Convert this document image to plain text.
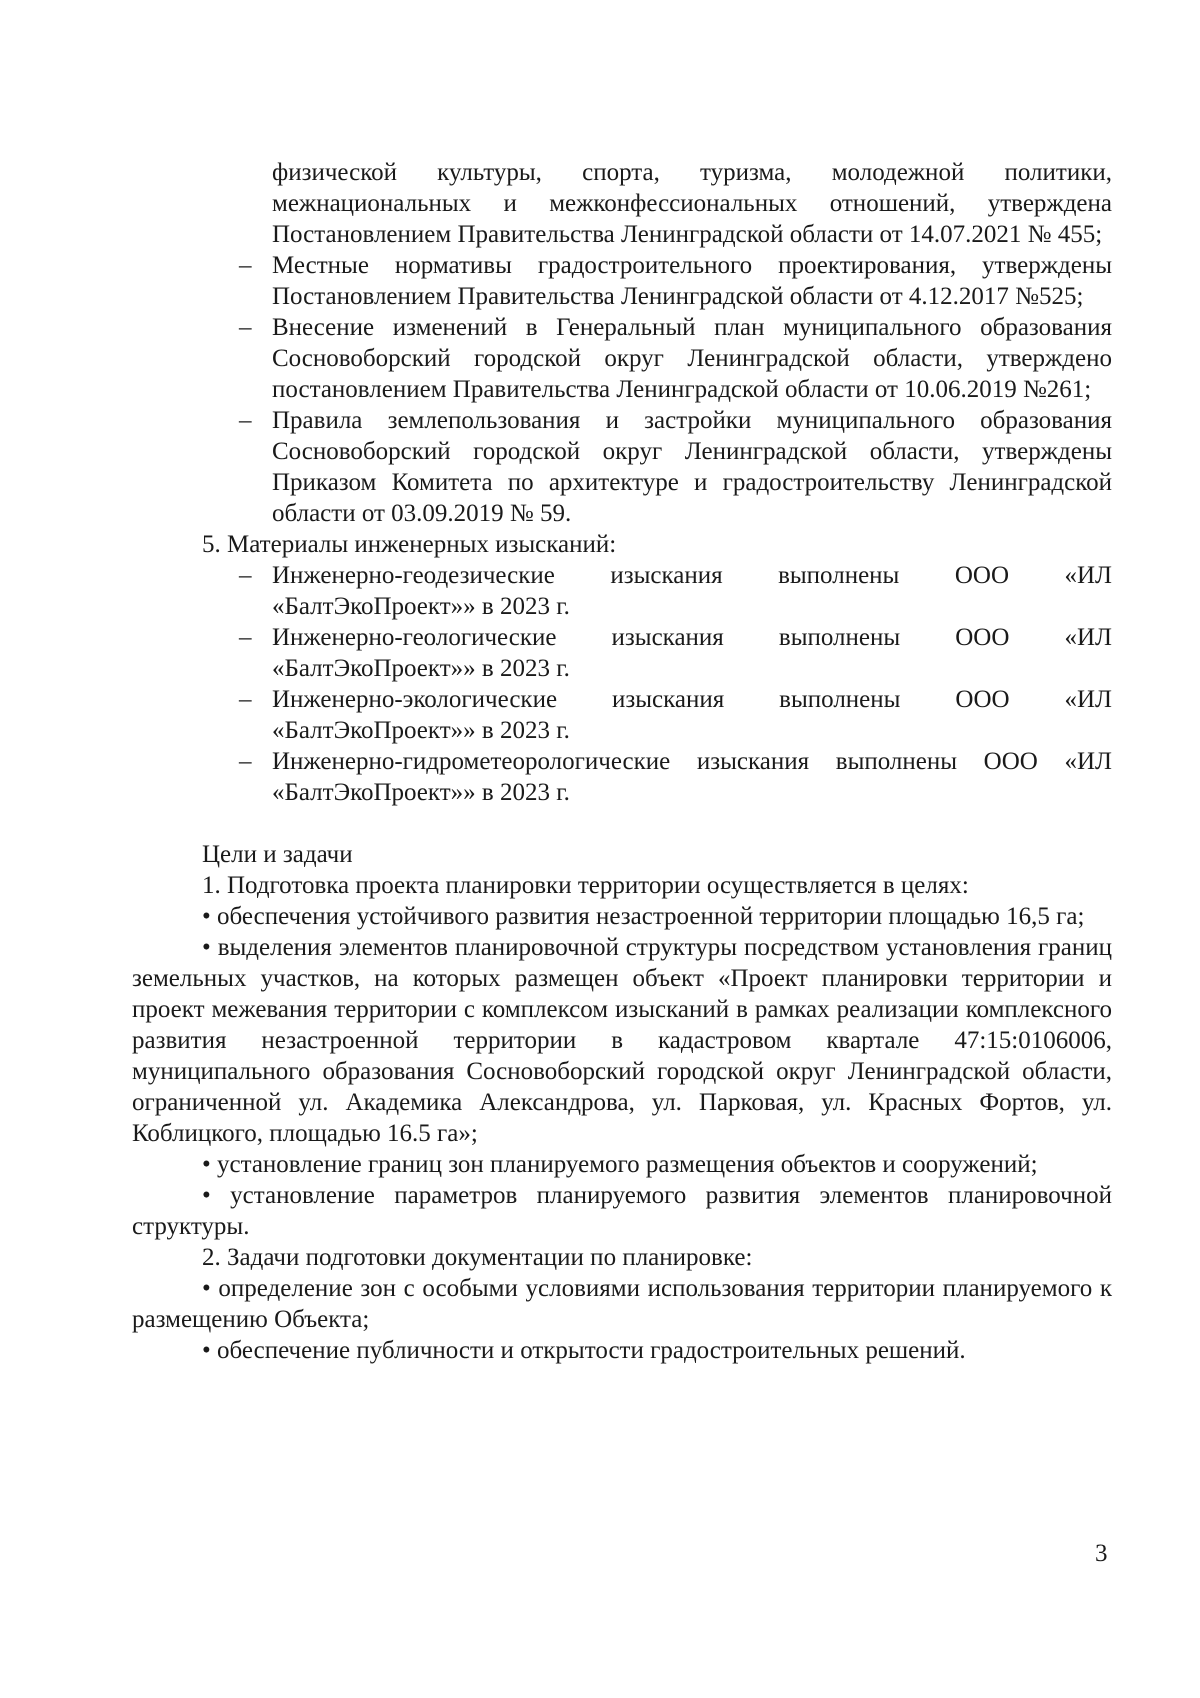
физической культуры, спорта, туризма, молодежной политики, межнациональных и межконфессиональных отношений, утверждена Постановлением Правительства Ленинградской области от 14.07.2021 № 455;

– Местные нормативы градостроительного проектирования, утверждены Постановлением Правительства Ленинградской области от 4.12.2017 №525;
– Внесение изменений в Генеральный план муниципального образования Сосновоборский городской округ Ленинградской области, утверждено постановлением Правительства Ленинградской области от 10.06.2019 №261;
– Правила землепользования и застройки муниципального образования Сосновоборский городской округ Ленинградской области, утверждены Приказом Комитета по архитектуре и градостроительству Ленинградской области от 03.09.2019 № 59.

5. Материалы инженерных изысканий:

– Инженерно-геодезические изыскания выполнены ООО «ИЛ «БалтЭкоПроект»» в 2023 г.
– Инженерно-геологические изыскания выполнены ООО «ИЛ «БалтЭкоПроект»» в 2023 г.
– Инженерно-экологические изыскания выполнены ООО «ИЛ «БалтЭкоПроект»» в 2023 г.
– Инженерно-гидрометеорологические изыскания выполнены ООО «ИЛ «БалтЭкоПроект»» в 2023 г.

Цели и задачи

1. Подготовка проекта планировки территории осуществляется в целях:

• обеспечения устойчивого развития незастроенной территории площадью 16,5 га;

• выделения элементов планировочной структуры посредством установления границ земельных участков, на которых размещен объект «Проект планировки территории и проект межевания территории с комплексом изысканий в рамках реализации комплексного развития незастроенной территории в кадастровом квартале 47:15:0106006, муниципального образования Сосновоборский городской округ Ленинградской области, ограниченной ул. Академика Александрова, ул. Парковая, ул. Красных Фортов, ул. Коблицкого, площадью 16.5 га»;

• установление границ зон планируемого размещения объектов и сооружений;

• установление параметров планируемого развития элементов планировочной структуры.

2. Задачи подготовки документации по планировке:

• определение зон с особыми условиями использования территории планируемого к размещению Объекта;

• обеспечение публичности и открытости градостроительных решений.

3
